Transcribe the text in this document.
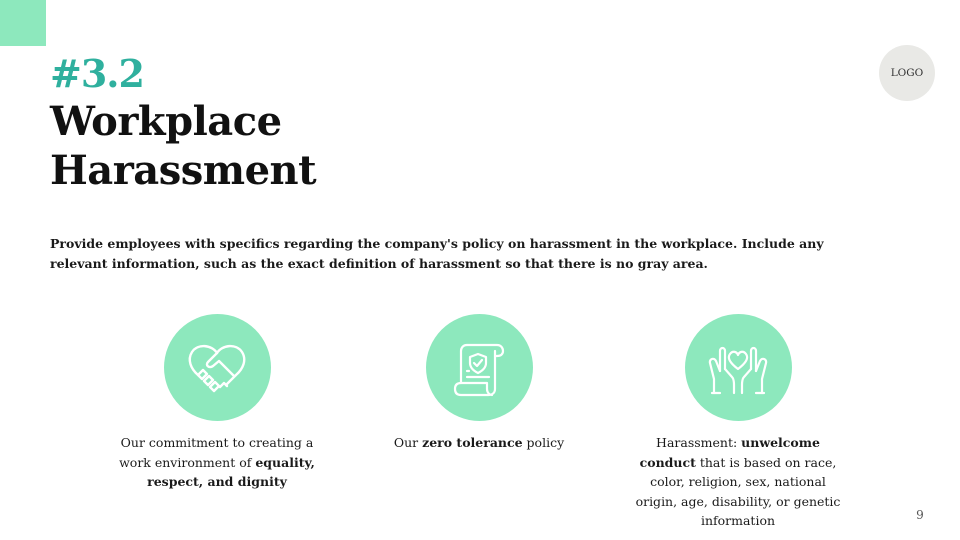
#3.2
Workplace Harassment
LOGO
Provide employees with specifics regarding the company's policy on harassment in the workplace. Include any relevant information, such as the exact definition of harassment so that there is no gray area.
Our commitment to creating a work environment of equality, respect, and dignity
Our zero tolerance policy	Harassment: unwelcome conduct that is based on race, color, religion, sex, national origin, age, disability, or genetic information	9
